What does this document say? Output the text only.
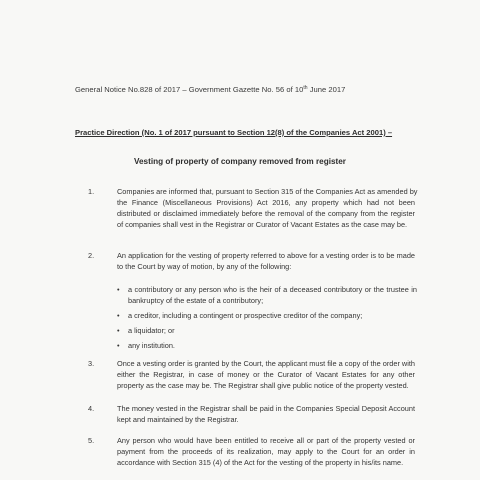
General Notice No.828 of 2017 – Government Gazette No. 56 of 10th June 2017
Practice Direction (No. 1 of 2017 pursuant to Section 12(8) of the Companies Act 2001) –
Vesting of property of company removed from register
1.	Companies are informed that, pursuant to Section 315 of the Companies Act as amended by
the Finance (Miscellaneous Provisions) Act 2016, any property which had not been
distributed or disclaimed immediately before the removal of the company from the register
of companies shall vest in the Registrar or Curator of Vacant Estates as the case may be.
2.	An application for the vesting of property referred to above for a vesting order is to be made
to the Court by way of motion, by any of the following:
• a contributory or any person who is the heir of a deceased contributory or the trustee in
bankruptcy of the estate of a contributory;
• a creditor, including a contingent or prospective creditor of the company;
• a liquidator; or
• any institution.
3.	Once a vesting order is granted by the Court, the applicant must file a copy of the order with
either the Registrar, in case of money or the Curator of Vacant Estates for any other
property as the case may be. The Registrar shall give public notice of the property vested.
4.	The money vested in the Registrar shall be paid in the Companies Special Deposit Account
kept and maintained by the Registrar.
5.	Any person who would have been entitled to receive all or part of the property vested or
payment from the proceeds of its realization, may apply to the Court for an order in
accordance with Section 315 (4) of the Act for the vesting of the property in his/its name.
